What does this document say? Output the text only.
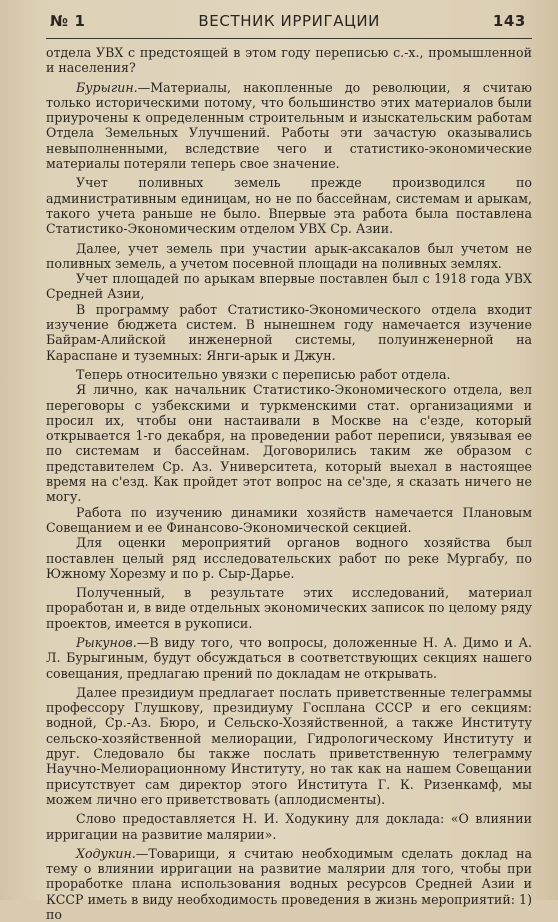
№ 1	ВЕСТНИК ИРРИГАЦИИ	143

отдела УВХ с предстоящей в этом году переписью с.-х., промышленной и населения?

Бурыгин.—Материалы, накопленные до революции, я считаю только историческими потому, что большинство этих материалов были приурочены к определенным строительным и изыскательским работам Отдела Земельных Улучшений. Работы эти зачастую оказывались невыполненными, вследствие чего и статистико-экономические материалы потеряли теперь свое значение.

Учет поливных земель прежде производился по административным единицам, но не по бассейнам, системам и арыкам, такого учета раньше не было. Впервые эта работа была поставлена Статистико-Экономическим отделом УВХ Ср. Азии.

Далее, учет земель при участии арык-аксакалов был учетом не поливных земель, а учетом посевной площади на поливных землях.

Учет площадей по арыкам впервые поставлен был с 1918 года УВХ Средней Азии,

В программу работ Статистико-Экономического отдела входит изучение бюджета систем. В нынешнем году намечается изучение Байрам-Алийской инженерной системы, полуинженерной на Караспане и туземных: Янги-арык и Джун.

Теперь относительно увязки с переписью работ отдела.

Я лично, как начальник Статистико-Экономического отдела, вел переговоры с узбекскими и туркменскими стат. организациями и просил их, чтобы они настаивали в Москве на с'езде, который открывается 1-го декабря, на проведении работ переписи, увязывая ее по системам и бассейнам. Договорились таким же образом с представителем Ср. Аз. Университета, который выехал в настоящее время на с'езд. Как пройдет этот вопрос на се'зде, я сказать ничего не могу.

Работа по изучению динамики хозяйств намечается Плановым Совещанием и ее Финансово-Экономической секцией.

Для оценки мероприятий органов водного хозяйства был поставлен целый ряд исследовательских работ по реке Мургабу, по Южному Хорезму и по р. Сыр-Дарье.

Полученный, в результате этих исследований, материал проработан и, в виде отдельных экономических записок по целому ряду проектов, имеется в рукописи.

Рыкунов.—В виду того, что вопросы, доложенные Н. А. Димо и А. Л. Бурыгиным, будут обсуждаться в соответствующих секциях нашего совещания, предлагаю прений по докладам не открывать.

Далее президиум предлагает послать приветственные телеграммы профессору Глушкову, президиуму Госплана СССР и его секциям: водной, Ср.-Аз. Бюро, и Сельско-Хозяйственной, а также Институту сельско-хозяйственной мелиорации, Гидрологическому Институту и друг. Следовало бы также послать приветственную телеграмму Научно-Мелиорационному Институту, но так как на нашем Совещании присутствует сам директор этого Института Г. К. Ризенкамф, мы можем лично его приветствовать (аплодисменты).

Слово предоставляется Н. И. Ходукину для доклада: «О влиянии ирригации на развитие малярии».

Ходукин.—Товарищи, я считаю необходимым сделать доклад на тему о влиянии ирригации на развитие малярии для того, чтобы при проработке плана использования водных ресурсов Средней Азии и КССР иметь в виду необходимость проведения в жизнь мероприятий: 1) по
